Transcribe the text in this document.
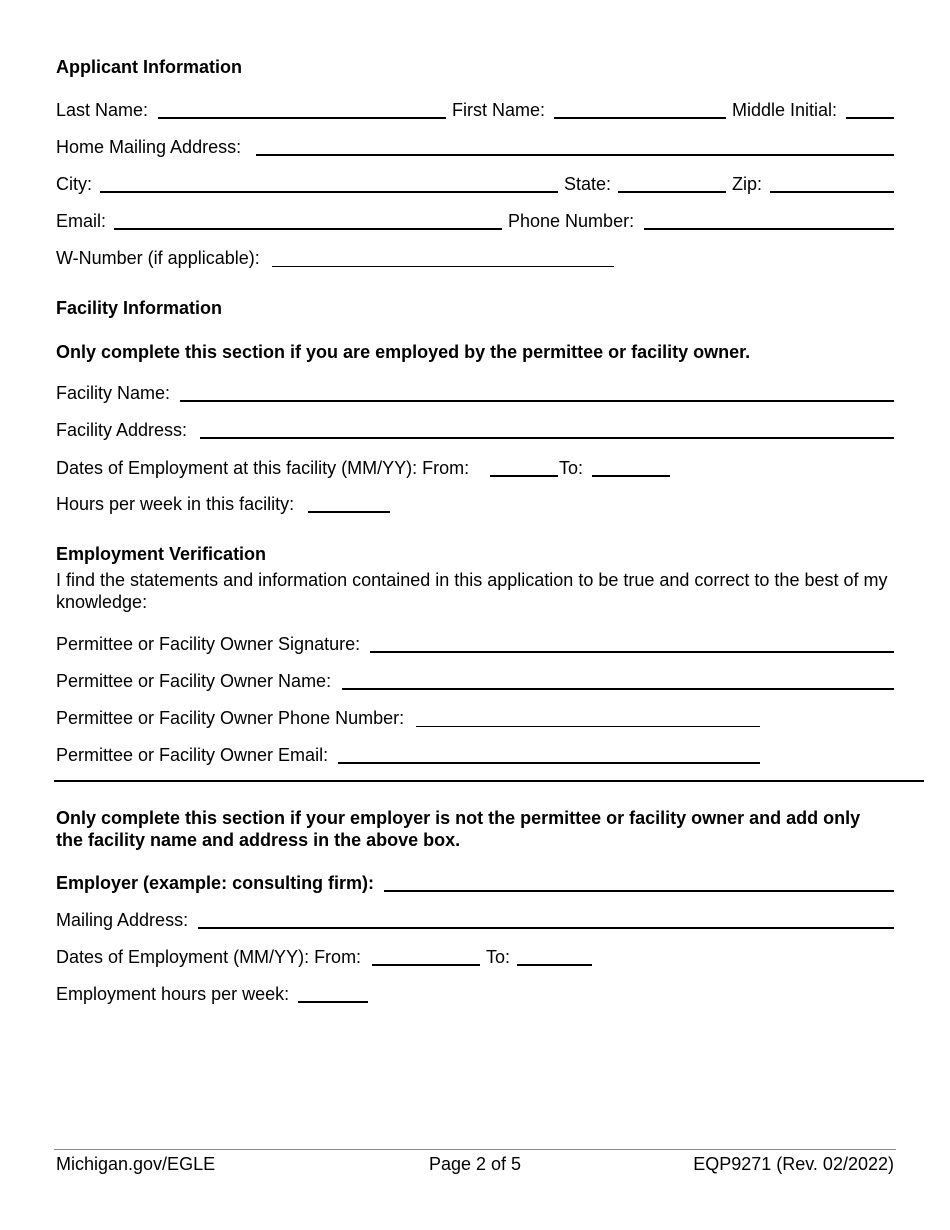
Applicant Information
Last Name:	First Name:	Middle Initial:
Home Mailing Address:
City:	State:	Zip:
Email:	Phone Number:
W-Number (if applicable):
Facility Information
Only complete this section if you are employed by the permittee or facility owner.
Facility Name:
Facility Address:
Dates of Employment at this facility (MM/YY): From:	To:
Hours per week in this facility:
Employment Verification
I find the statements and information contained in this application to be true and correct to the best of my knowledge:
Permittee or Facility Owner Signature:
Permittee or Facility Owner Name:
Permittee or Facility Owner Phone Number:
Permittee or Facility Owner Email:
Only complete this section if your employer is not the permittee or facility owner and add only the facility name and address in the above box.
Employer (example: consulting firm):
Mailing Address:
Dates of Employment (MM/YY): From:	To:
Employment hours per week:
Michigan.gov/EGLE	Page 2 of 5	EQP9271 (Rev. 02/2022)
